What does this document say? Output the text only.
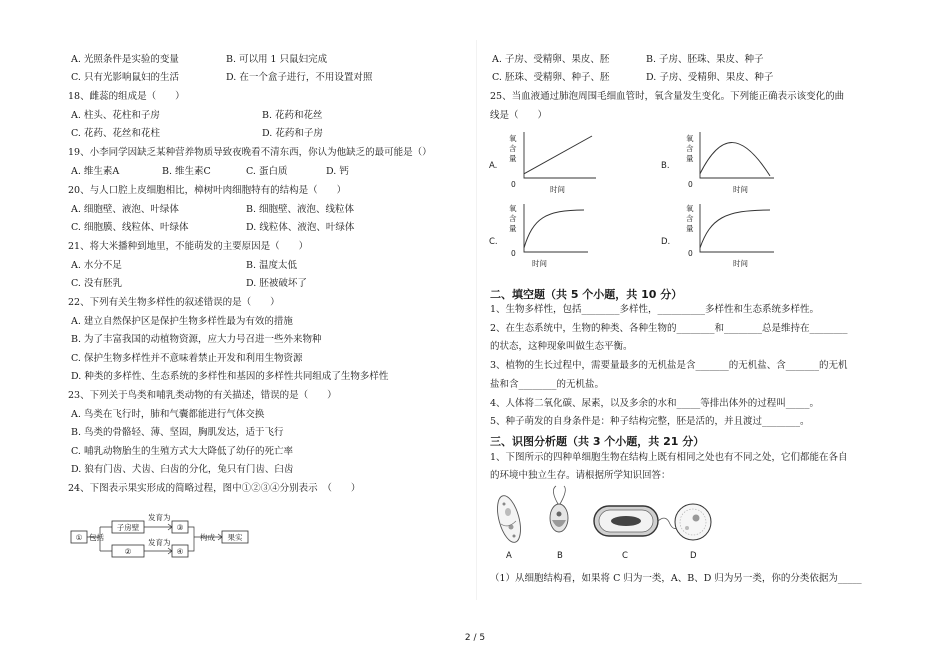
A. 光照条件是实验的变量	B. 可以用 1 只鼠妇完成
C. 只有光影响鼠妇的生活	D. 在一个盒子进行，不用设置对照
18、雌蕊的组成是（　　）
A. 柱头、花柱和子房	B. 花药和花丝
C. 花药、花丝和花柱	D. 花药和子房
19、小李同学因缺乏某种营养物质导致夜晚看不清东西，你认为他缺乏的最可能是（）
A. 维生素A	B. 维生素C	C. 蛋白质	D. 钙
20、与人口腔上皮细胞相比，樟树叶肉细胞特有的结构是（　　）
A. 细胞壁、液泡、叶绿体	B. 细胞壁、液泡、线粒体
C. 细胞膜、线粒体、叶绿体	D. 线粒体、液泡、叶绿体
21、将大米播种到地里，不能萌发的主要原因是（　　）
A. 水分不足	B. 温度太低
C. 没有胚乳	D. 胚被破坏了
22、下列有关生物多样性的叙述错误的是（　　）
A. 建立自然保护区是保护生物多样性最为有效的措施
B. 为了丰富我国的动植物资源，应大力号召进一些外来物种
C. 保护生物多样性并不意味着禁止开发和利用生物资源
D. 种类的多样性、生态系统的多样性和基因的多样性共同组成了生物多样性
23、下列关于鸟类和哺乳类动物的有关描述，错误的是（　　）
A. 鸟类在飞行时，肺和气囊都能进行气体交换
B. 鸟类的骨骼轻、薄、坚固，胸肌发达，适于飞行
C. 哺乳动物胎生的生殖方式大大降低了幼仔的死亡率
D. 狼有门齿、犬齿、臼齿的分化，兔只有门齿、臼齿
24、下图表示果实形成的简略过程，图中①②③④分别表示　（　　）
① 包括
子房壁
②
发育为
发育为
③
④
构成 果实
A. 子房、受精卵、果皮、胚	B. 子房、胚珠、果皮、种子
C. 胚珠、受精卵、种子、胚	D. 子房、受精卵、果皮、种子
25、当血液通过肺泡周围毛细血管时，氧含量发生变化。下列能正确表示该变化的曲
线是（　　）
A.
氧
含
量
0
时间
B.
氧
含
量
0
时间
C.
氧
含
量
0
时间
D.
氧
含
量
0
时间
二、填空题（共 5 个小题，共 10 分）
1、生物多样性，包括________多样性，__________多样性和生态系统多样性。
2、在生态系统中，生物的种类、各种生物的________和________总是维持在________
的状态，这种现象叫做生态平衡。
3、植物的生长过程中，需要量最多的无机盐是含_______的无机盐、含_______的无机
盐和含________的无机盐。
4、人体将二氧化碳、尿素，以及多余的水和_____等排出体外的过程叫_____。
5、种子萌发的自身条件是：种子结构完整，胚是活的，并且渡过________。
三、识图分析题（共 3 个小题，共 21 分）
1、下图所示的四种单细胞生物在结构上既有相同之处也有不同之处，它们都能在各自
的环境中独立生存。请根据所学知识回答：
A	B	C	D
（1）从细胞结构看，如果将 C 归为一类，A、B、D 归为另一类，你的分类依据为_____
2 / 5
